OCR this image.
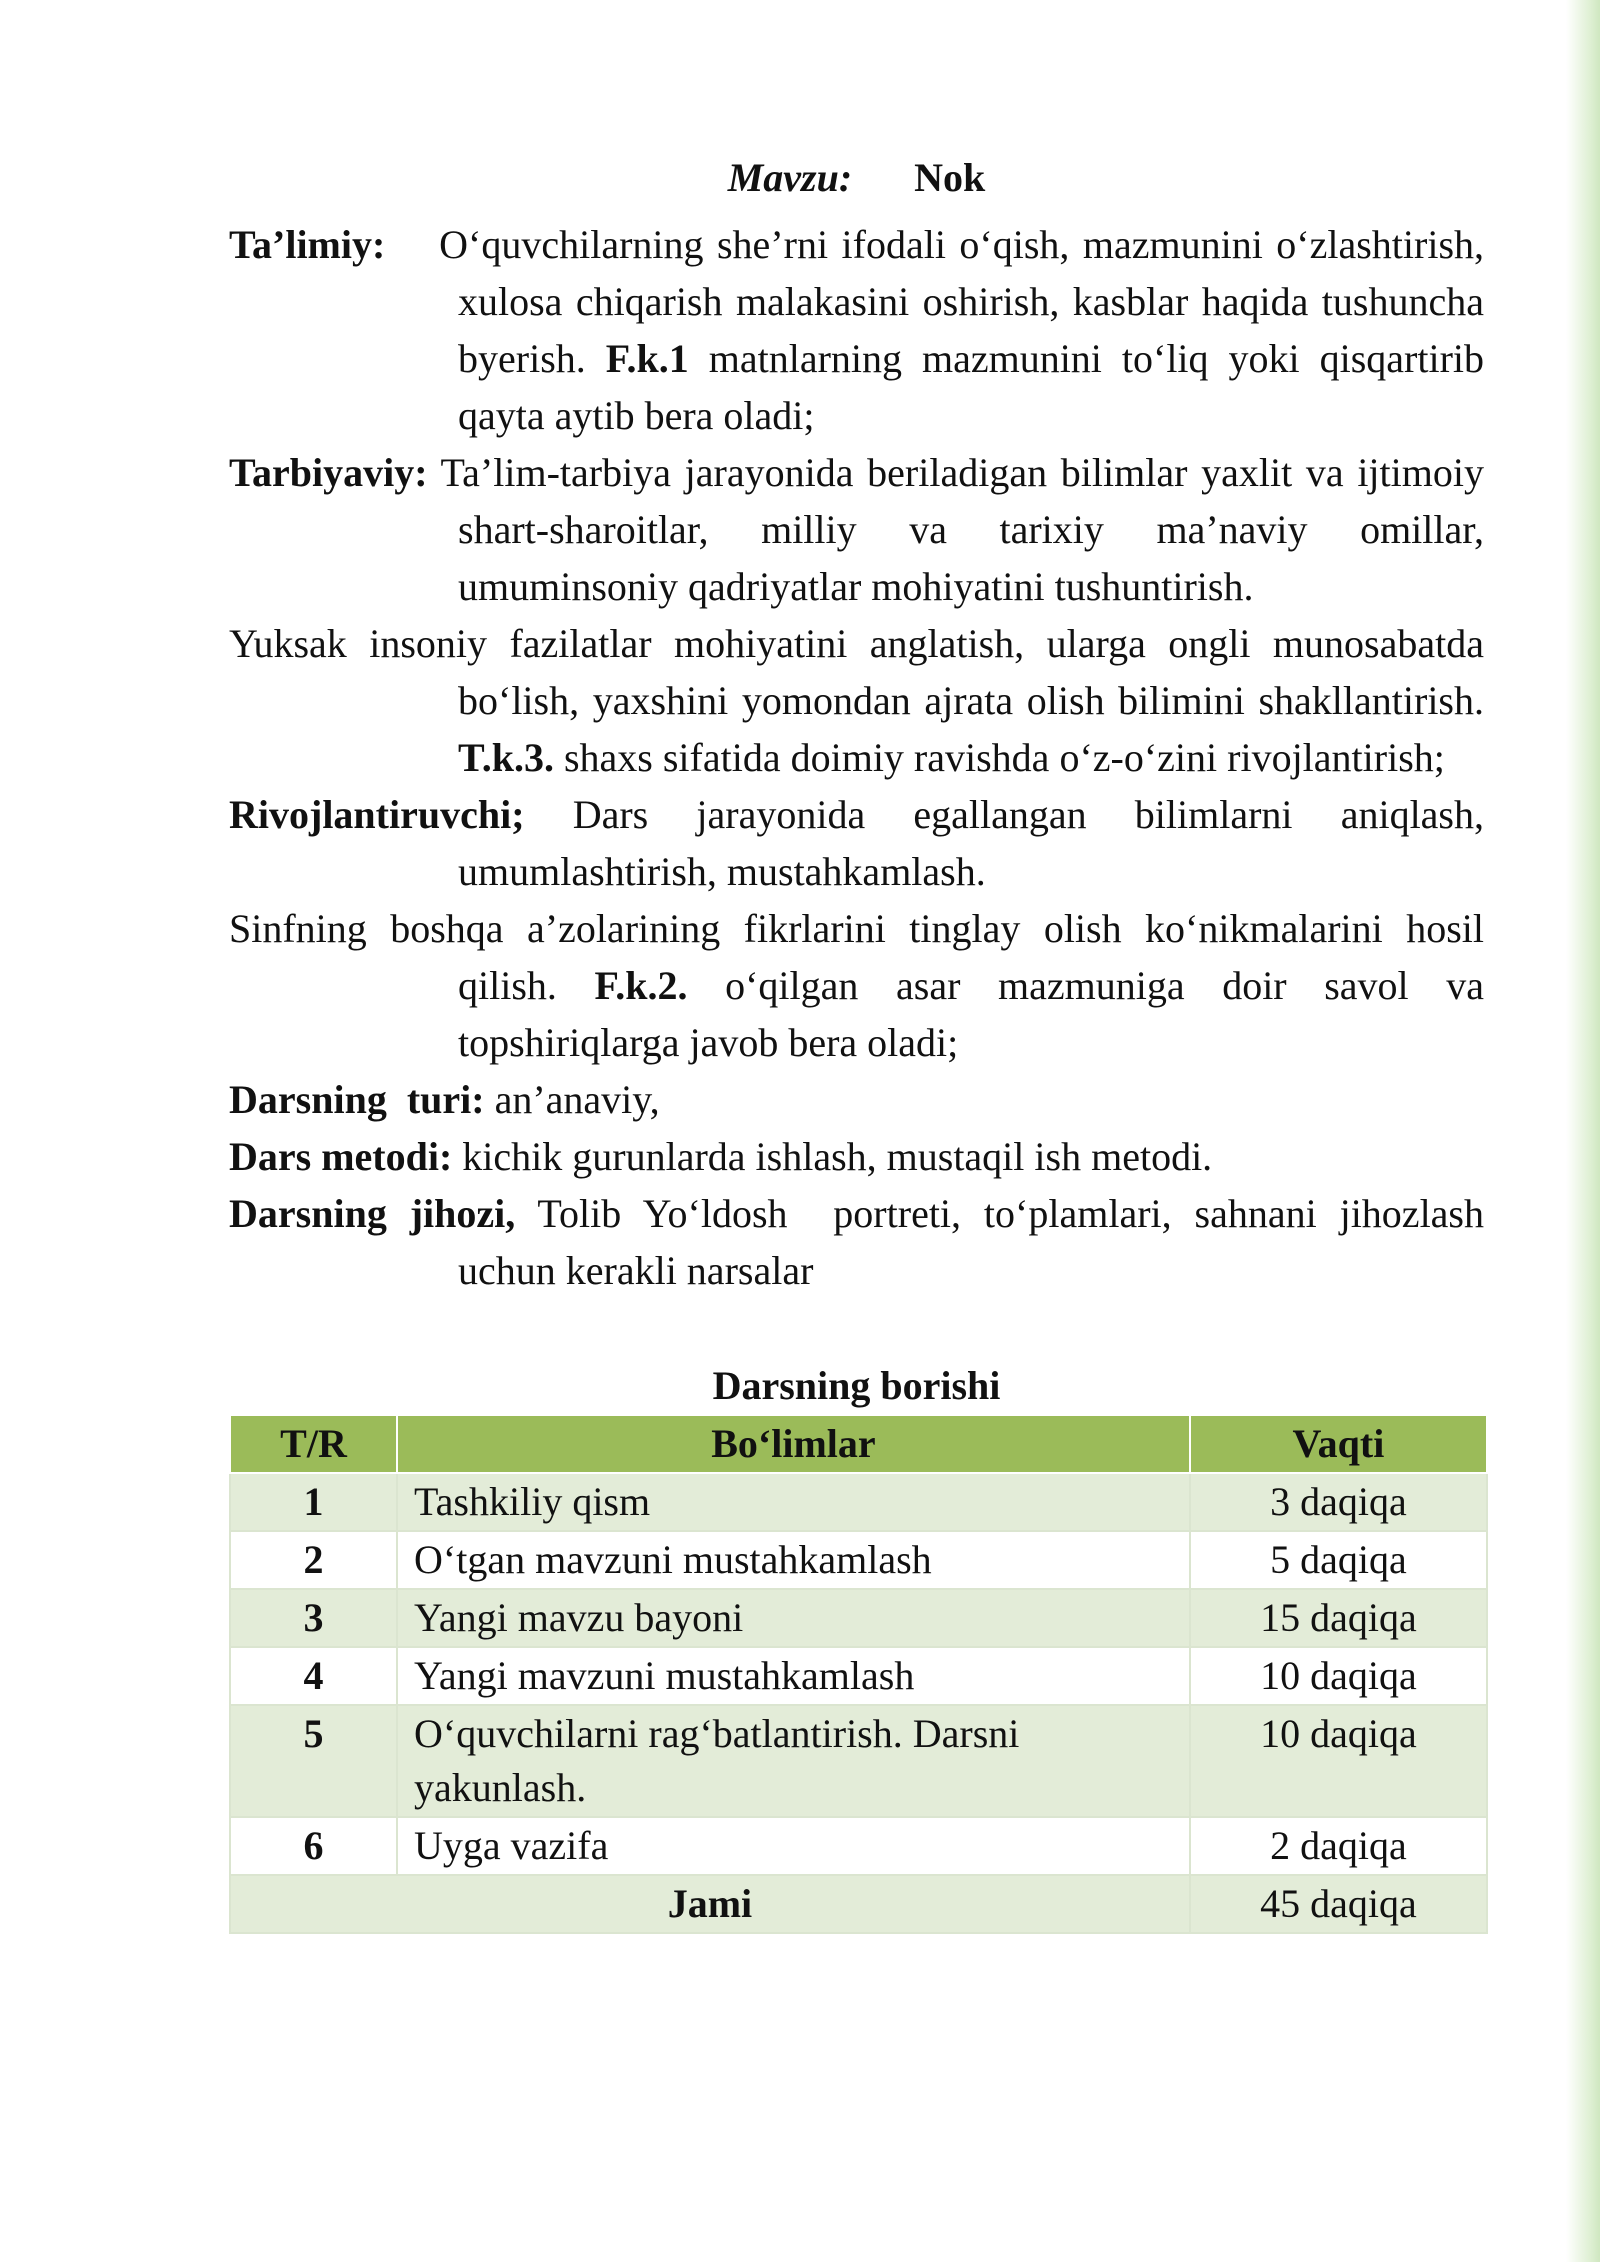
Mavzu: Nok

Ta’limiy: O‘quvchilarning she’rni ifodali o‘qish, mazmunini o‘zlashtirish, xulosa chiqarish malakasini oshirish, kasblar haqida tushuncha byerish. F.k.1 matnlarning mazmunini to‘liq yoki qisqartirib qayta aytib bera oladi;

Tarbiyaviy: Ta’lim-tarbiya jarayonida beriladigan bilimlar yaxlit va ijtimoiy shart-sharoitlar, milliy va tarixiy ma’naviy omillar, umuminsoniy qadriyatlar mohiyatini tushuntirish.

Yuksak insoniy fazilatlar mohiyatini anglatish, ularga ongli munosabatda bo‘lish, yaxshini yomondan ajrata olish bilimini shakllantirish. T.k.3. shaxs sifatida doimiy ravishda o‘z-o‘zini rivojlantirish;

Rivojlantiruvchi; Dars jarayonida egallangan bilimlarni aniqlash, umumlashtirish, mustahkamlash.

Sinfning boshqa a’zolarining fikrlarini tinglay olish ko‘nikmalarini hosil qilish. F.k.2. o‘qilgan asar mazmuniga doir savol va topshiriqlarga javob bera oladi;

Darsning  turi: an’anaviy,

Dars metodi: kichik gurunlarda ishlash, mustaqil ish metodi.

Darsning jihozi, Tolib Yo‘ldosh  portreti, to‘plamlari, sahnani jihozlash uchun kerakli narsalar

Darsning borishi
T/R	Bo‘limlar	Vaqti
1	Tashkiliy qism	3 daqiqa
2	O‘tgan mavzuni mustahkamlash	5 daqiqa
3	Yangi mavzu bayoni	15 daqiqa
4	Yangi mavzuni mustahkamlash	10 daqiqa
5	O‘quvchilarni rag‘batlantirish. Darsni yakunlash.	10 daqiqa
6	Uyga vazifa	2 daqiqa
Jami		45 daqiqa
